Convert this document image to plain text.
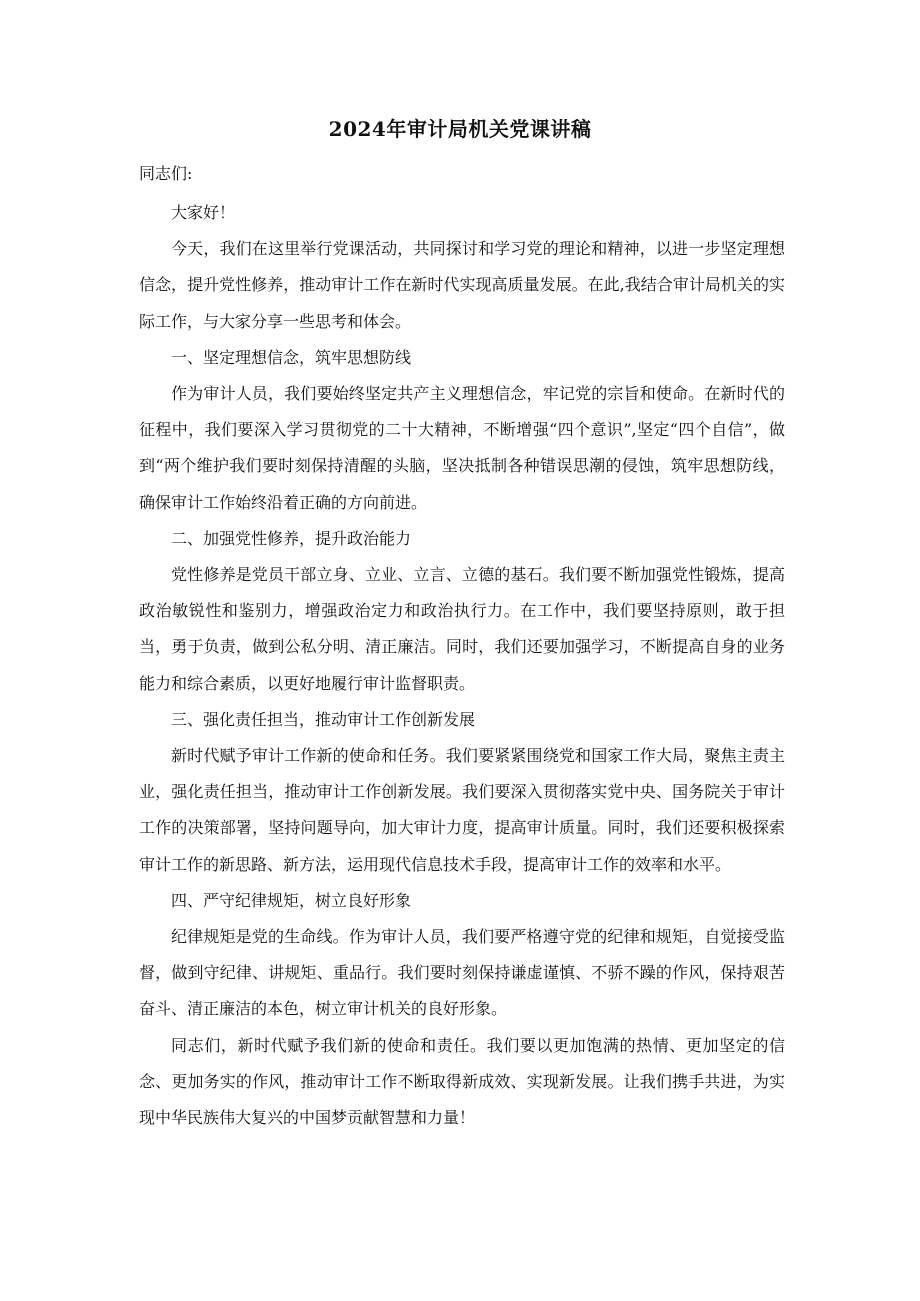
2024年审计局机关党课讲稿
同志们:

大家好！

今天，我们在这里举行党课活动，共同探讨和学习党的理论和精神，以进一步坚定理想信念，提升党性修养，推动审计工作在新时代实现高质量发展。在此,我结合审计局机关的实际工作，与大家分享一些思考和体会。

一、坚定理想信念，筑牢思想防线

作为审计人员，我们要始终坚定共产主义理想信念，牢记党的宗旨和使命。在新时代的征程中，我们要深入学习贯彻党的二十大精神，不断增强“四个意识”,坚定“四个自信”，做到“两个维护我们要时刻保持清醒的头脑，坚决抵制各种错误思潮的侵蚀，筑牢思想防线，确保审计工作始终沿着正确的方向前进。

二、加强党性修养，提升政治能力

党性修养是党员干部立身、立业、立言、立德的基石。我们要不断加强党性锻炼，提高政治敏锐性和鉴别力，增强政治定力和政治执行力。在工作中，我们要坚持原则，敢于担当，勇于负责，做到公私分明、清正廉洁。同时，我们还要加强学习，不断提高自身的业务能力和综合素质，以更好地履行审计监督职责。

三、强化责任担当，推动审计工作创新发展

新时代赋予审计工作新的使命和任务。我们要紧紧围绕党和国家工作大局，聚焦主责主业，强化责任担当，推动审计工作创新发展。我们要深入贯彻落实党中央、国务院关于审计工作的决策部署，坚持问题导向，加大审计力度，提高审计质量。同时，我们还要积极探索审计工作的新思路、新方法，运用现代信息技术手段，提高审计工作的效率和水平。

四、严守纪律规矩，树立良好形象

纪律规矩是党的生命线。作为审计人员，我们要严格遵守党的纪律和规矩，自觉接受监督，做到守纪律、讲规矩、重品行。我们要时刻保持谦虚谨慎、不骄不躁的作风，保持艰苦奋斗、清正廉洁的本色，树立审计机关的良好形象。

同志们，新时代赋予我们新的使命和责任。我们要以更加饱满的热情、更加坚定的信念、更加务实的作风，推动审计工作不断取得新成效、实现新发展。让我们携手共进，为实现中华民族伟大复兴的中国梦贡献智慧和力量！
